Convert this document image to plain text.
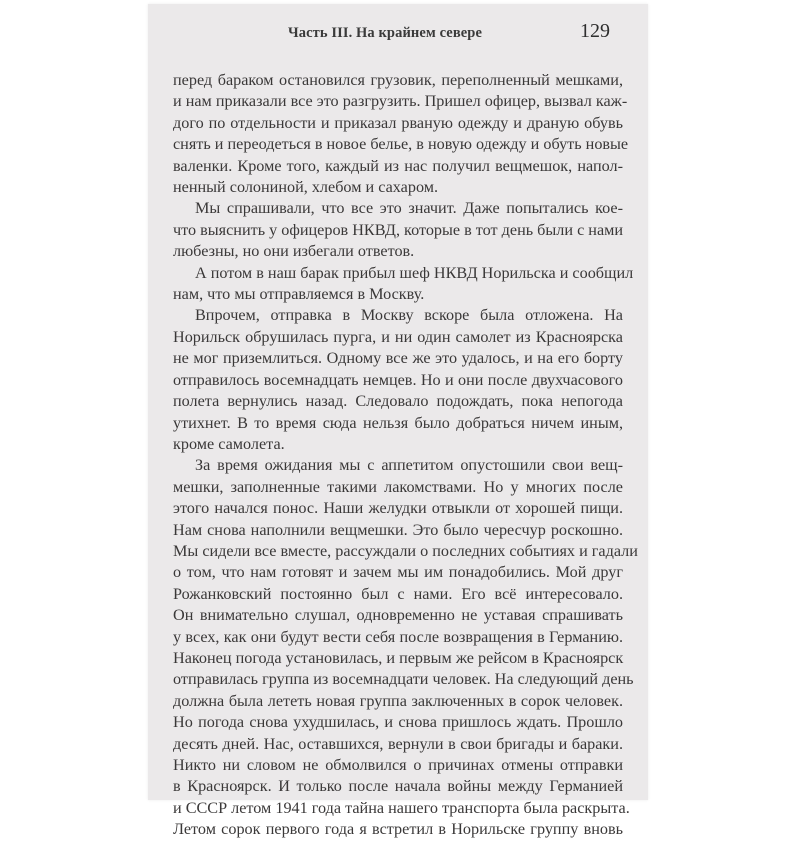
Часть III. На крайнем севере	129
перед бараком остановился грузовик, переполненный мешками,
и нам приказали все это разгрузить. Пришел офицер, вызвал каж-
дого по отдельности и приказал рваную одежду и драную обувь
снять и переодеться в новое белье, в новую одежду и обуть новые
валенки. Кроме того, каждый из нас получил вещмешок, напол-
ненный солониной, хлебом и сахаром.
Мы спрашивали, что все это значит. Даже попытались кое-
что выяснить у офицеров НКВД, которые в тот день были с нами
любезны, но они избегали ответов.
А потом в наш барак прибыл шеф НКВД Норильска и сообщил
нам, что мы отправляемся в Москву.
Впрочем, отправка в Москву вскоре была отложена. На
Норильск обрушилась пурга, и ни один самолет из Красноярска
не мог приземлиться. Одному все же это удалось, и на его борту
отправилось восемнадцать немцев. Но и они после двухчасового
полета вернулись назад. Следовало подождать, пока непогода
утихнет. В то время сюда нельзя было добраться ничем иным,
кроме самолета.
За время ожидания мы с аппетитом опустошили свои вещ-
мешки, заполненные такими лакомствами. Но у многих после
этого начался понос. Наши желудки отвыкли от хорошей пищи.
Нам снова наполнили вещмешки. Это было чересчур роскошно.
Мы сидели все вместе, рассуждали о последних событиях и гадали
о том, что нам готовят и зачем мы им понадобились. Мой друг
Рожанковский постоянно был с нами. Его всё интересовало.
Он внимательно слушал, одновременно не уставая спрашивать
у всех, как они будут вести себя после возвращения в Германию.
Наконец погода установилась, и первым же рейсом в Красноярск
отправилась группа из восемнадцати человек. На следующий день
должна была лететь новая группа заключенных в сорок человек.
Но погода снова ухудшилась, и снова пришлось ждать. Прошло
десять дней. Нас, оставшихся, вернули в свои бригады и бараки.
Никто ни словом не обмолвился о причинах отмены отправки
в Красноярск. И только после начала войны между Германией
и СССР летом 1941 года тайна нашего транспорта была раскрыта.
Летом сорок первого года я встретил в Норильске группу вновь
